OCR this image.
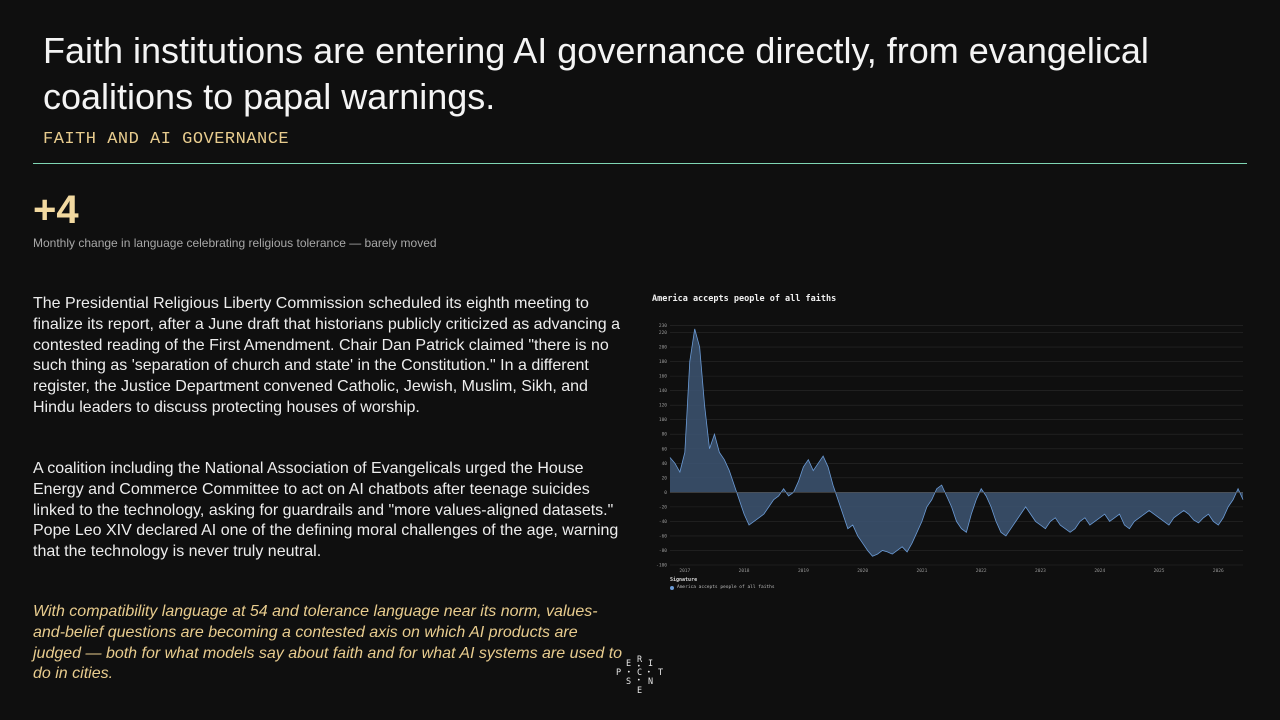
Faith institutions are entering AI governance directly, from evangelical coalitions to papal warnings.
FAITH AND AI GOVERNANCE
+4
Monthly change in language celebrating religious tolerance — barely moved

The Presidential Religious Liberty Commission scheduled its eighth meeting to finalize its report, after a June draft that historians publicly criticized as advancing a contested reading of the First Amendment. Chair Dan Patrick claimed "there is no such thing as 'separation of church and state' in the Constitution." In a different register, the Justice Department convened Catholic, Jewish, Muslim, Sikh, and Hindu leaders to discuss protecting houses of worship.

A coalition including the National Association of Evangelicals urged the House Energy and Commerce Committee to act on AI chatbots after teenage suicides linked to the technology, asking for guardrails and "more values-aligned datasets." Pope Leo XIV declared AI one of the defining moral challenges of the age, warning that the technology is never truly neutral.

With compatibility language at 54 and tolerance language near its norm, values-and-belief questions are becoming a contested axis on which AI products are judged — both for what models say about faith and for what AI systems are used to do in cities.

230
220
200
180
160
140
120
100
80
60
40
20
0
-20
-40
-60
-80
-100
2017	2018	2019	2020	2021	2022	2023	2024	2025	2026
America accepts people of all faiths
Signature
America accepts people of all faiths
R
E I
P C T
S N
E
•
•	•
•
